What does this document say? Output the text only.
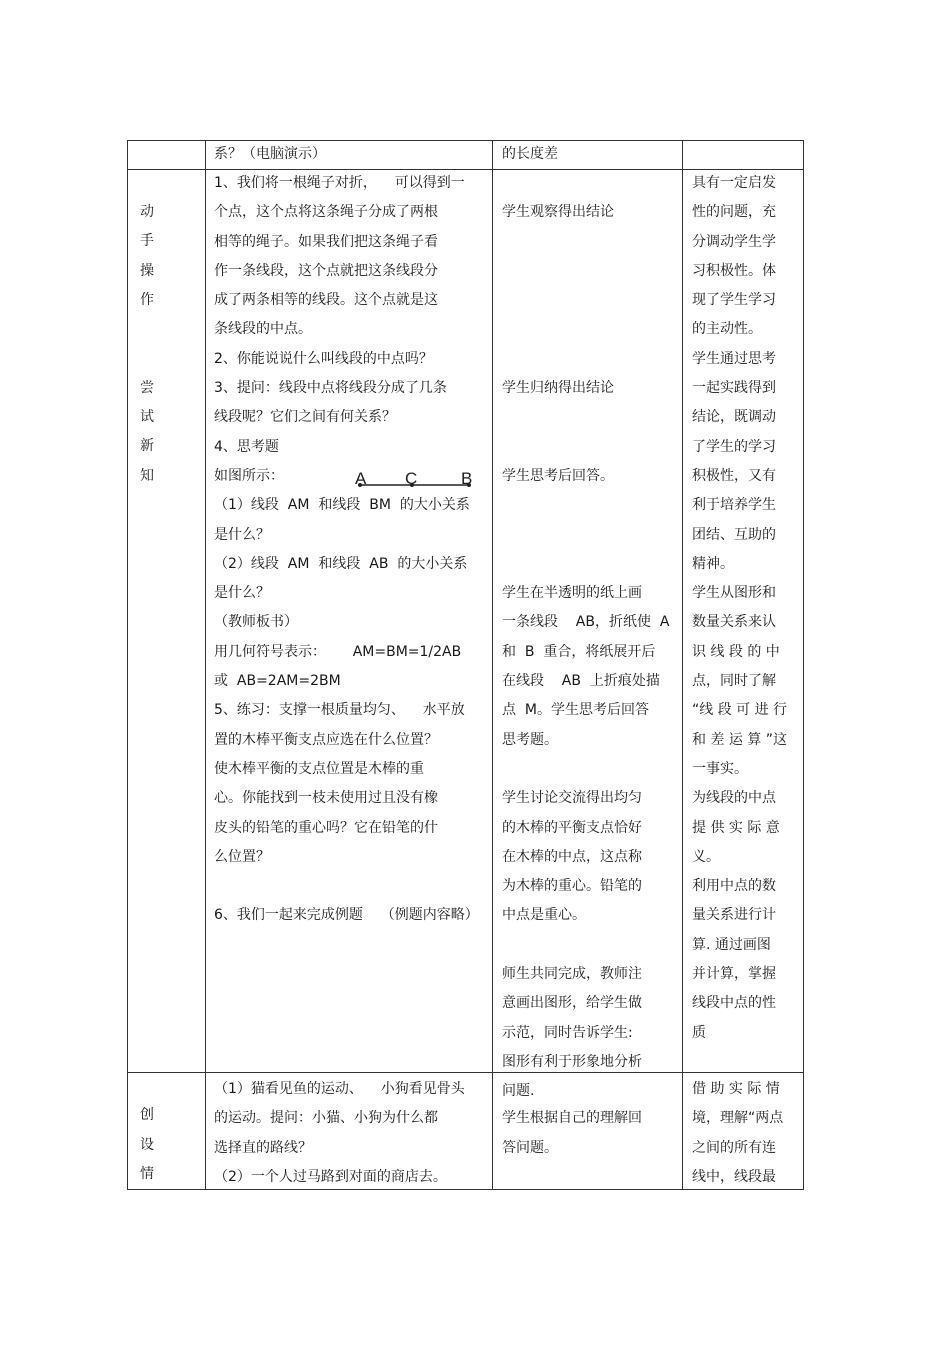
系？（电脑演示）	的长度差
动
手
操
作
尝
试
新
知
1、我们将一根绳子对折，    可以得到一
个点，这个点将这条绳子分成了两根
相等的绳子。如果我们把这条绳子看
作一条线段，这个点就把这条线段分
成了两条相等的线段。这个点就是这
条线段的中点。
2、你能说说什么叫线段的中点吗？
3、提问：线段中点将线段分成了几条
线段呢？它们之间有何关系？
4、思考题
如图所示：
（1）线段  AM  和线段  BM  的大小关系
是什么？
（2）线段  AM  和线段  AB  的大小关系
是什么？
（教师板书）
用几何符号表示：      AM=BM=1/2AB
或  AB=2AM=2BM
5、练习：支撑一根质量均匀、    水平放
置的木棒平衡支点应选在什么位置？
使木棒平衡的支点位置是木棒的重
心。你能找到一枝未使用过且没有橡
皮头的铅笔的重心吗？它在铅笔的什
么位置？
6、我们一起来完成例题    （例题内容略）
学生观察得出结论
学生归纳得出结论
学生思考后回答。
学生在半透明的纸上画
一条线段    AB，折纸使  A
和  B  重合，将纸展开后
在线段    AB  上折痕处描
点  M。学生思考后回答
思考题。
学生讨论交流得出均匀
的木棒的平衡支点恰好
在木棒的中点，这点称
为木棒的重心。铅笔的
中点是重心。
师生共同完成，教师注
意画出图形，给学生做
示范，同时告诉学生:
图形有利于形象地分析
问题.
具有一定启发
性的问题，充
分调动学生学
习积极性。体
现了学生学习
的主动性。
学生通过思考
一起实践得到
结论，既调动
了学生的学习
积极性，又有
利于培养学生
团结、互助的
精神。
学生从图形和
数量关系来认
识 线 段 的 中
点，同时了解
“线 段 可 进 行
和 差 运 算 ”这
一事实。
为线段的中点
提 供 实 际 意
义。
利用中点的数
量关系进行计
算. 通过画图
并计算，掌握
线段中点的性
质
创
设
情
（1）猫看见鱼的运动、    小狗看见骨头
的运动。提问：小猫、小狗为什么都
选择直的路线？
（2）一个人过马路到对面的商店去。
学生根据自己的理解回
答问题。
借 助 实 际 情
境，理解“两点
之间的所有连
线中，线段最
A C	B
